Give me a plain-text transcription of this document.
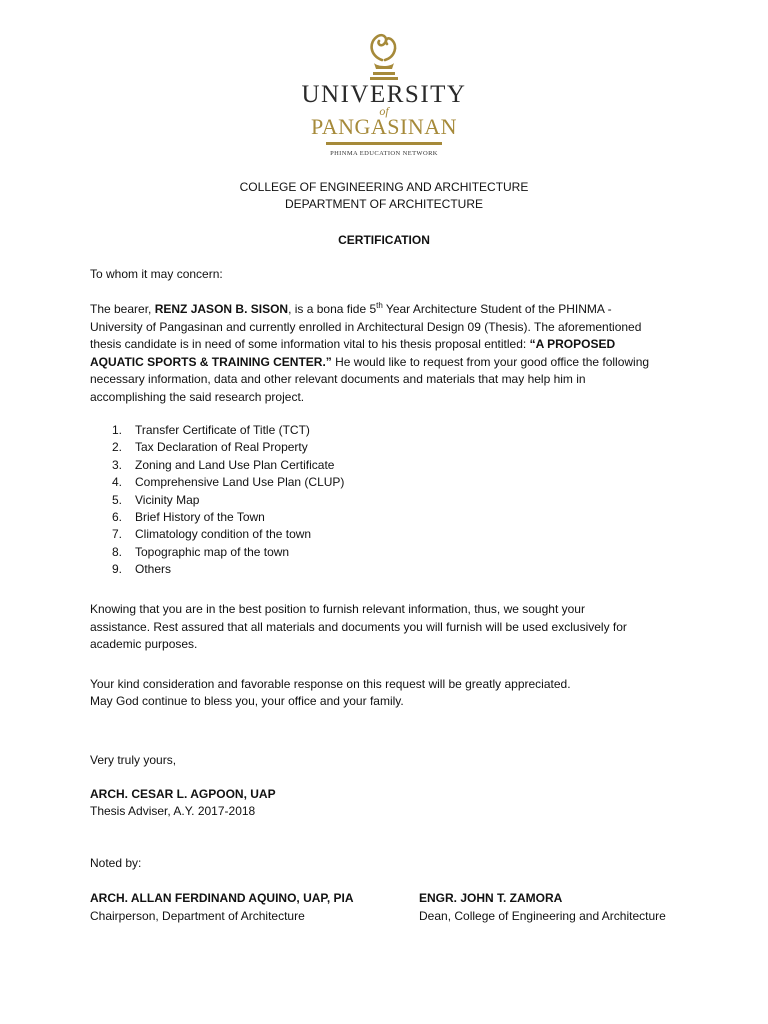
UNIVERSITY
of
PANGASINAN
PHINMA EDUCATION NETWORK
COLLEGE OF ENGINEERING AND ARCHITECTURE
DEPARTMENT OF ARCHITECTURE
CERTIFICATION
To whom it may concern:
The bearer, RENZ JASON B. SISON, is a bona fide 5th Year Architecture Student of the PHINMA -
University of Pangasinan and currently enrolled in Architectural Design 09 (Thesis). The aforementioned
thesis candidate is in need of some information vital to his thesis proposal entitled: “A PROPOSED
AQUATIC SPORTS & TRAINING CENTER.” He would like to request from your good office the following
necessary information, data and other relevant documents and materials that may help him in
accomplishing the said research project.
1. Transfer Certificate of Title (TCT)
2. Tax Declaration of Real Property
3. Zoning and Land Use Plan Certificate
4. Comprehensive Land Use Plan (CLUP)
5. Vicinity Map
6. Brief History of the Town
7. Climatology condition of the town
8. Topographic map of the town
9. Others
Knowing that you are in the best position to furnish relevant information, thus, we sought your
assistance. Rest assured that all materials and documents you will furnish will be used exclusively for
academic purposes.
Your kind consideration and favorable response on this request will be greatly appreciated.
May God continue to bless you, your office and your family.
Very truly yours,
ARCH. CESAR L. AGPOON, UAP
Thesis Adviser, A.Y. 2017-2018
Noted by:
ARCH. ALLAN FERDINAND AQUINO, UAP, PIA
Chairperson, Department of Architecture
ENGR. JOHN T. ZAMORA
Dean, College of Engineering and Architecture
